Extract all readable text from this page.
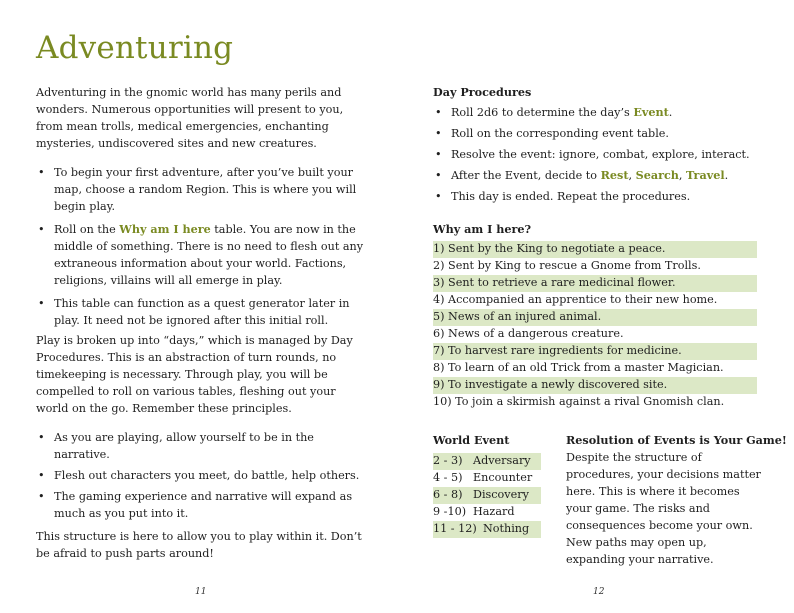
Adventuring

Adventuring in the gnomic world has many perils and wonders. Numerous opportunities will present to you, from mean trolls, medical emergencies, enchanting mysteries, undiscovered sites and new creatures.

• To begin your first adventure, after you’ve built your map, choose a random Region. This is where you will begin play.
• Roll on the Why am I here table. You are now in the middle of something. There is no need to flesh out any extraneous information about your world. Factions, religions, villains will all emerge in play.
• This table can function as a quest generator later in play. It need not be ignored after this initial roll.

Play is broken up into “days,” which is managed by Day Procedures. This is an abstraction of turn rounds, no timekeeping is necessary. Through play, you will be compelled to roll on various tables, fleshing out your world on the go. Remember these principles.

• As you are playing, allow yourself to be in the narrative.
• Flesh out characters you meet, do battle, help others.
• The gaming experience and narrative will expand as much as you put into it.

This structure is here to allow you to play within it. Don’t be afraid to push parts around!

11
Day Procedures
• Roll 2d6 to determine the day’s Event.
• Roll on the corresponding event table.
• Resolve the event: ignore, combat, explore, interact.
• After the Event, decide to Rest, Search, Travel.
• This day is ended. Repeat the procedures.
Why am I here?
1) Sent by the King to negotiate a peace.
2) Sent by King to rescue a Gnome from Trolls.
3) Sent to retrieve a rare medicinal flower.
4) Accompanied an apprentice to their new home.
5) News of an injured animal.
6) News of a dangerous creature.
7) To harvest rare ingredients for medicine.
8) To learn of an old Trick from a master Magician.
9) To investigate a newly discovered site.
10) To join a skirmish against a rival Gnomish clan.
World Event
2 - 3) Adversary
4 - 5) Encounter
6 - 8) Discovery
9 -10) Hazard
11 - 12) Nothing
Resolution of Events is Your Game!

Despite the structure of procedures, your decisions matter here. This is where it becomes your game. The risks and consequences become your own. New paths may open up, expanding your narrative.

12
